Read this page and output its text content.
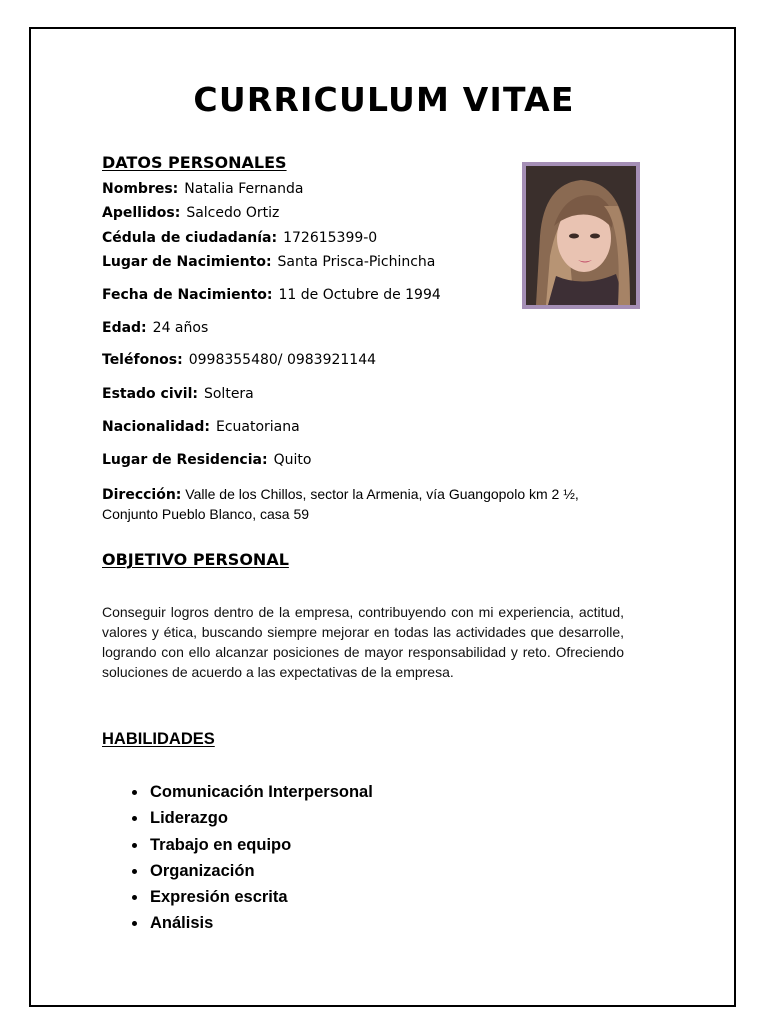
CURRICULUM VITAE
DATOS PERSONALES
Nombres: Natalia Fernanda
Apellidos: Salcedo Ortiz
Cédula de ciudadanía: 172615399-0
Lugar de Nacimiento: Santa Prisca-Pichincha
Fecha de Nacimiento: 11 de Octubre de 1994
Edad: 24 años
Teléfonos: 0998355480/ 0983921144
Estado civil: Soltera
Nacionalidad: Ecuatoriana
Lugar de Residencia: Quito
Dirección: Valle de los Chillos, sector la Armenia, vía Guangopolo km 2 ½, Conjunto Pueblo Blanco, casa 59
OBJETIVO PERSONAL
Conseguir logros dentro de la empresa, contribuyendo con mi experiencia, actitud, valores y ética, buscando siempre mejorar en todas las actividades que desarrolle, logrando con ello alcanzar posiciones de mayor responsabilidad y reto. Ofreciendo soluciones de acuerdo a las expectativas de la empresa.
HABILIDADES
• Comunicación Interpersonal
• Liderazgo
• Trabajo en equipo
• Organización
• Expresión escrita
• Análisis
